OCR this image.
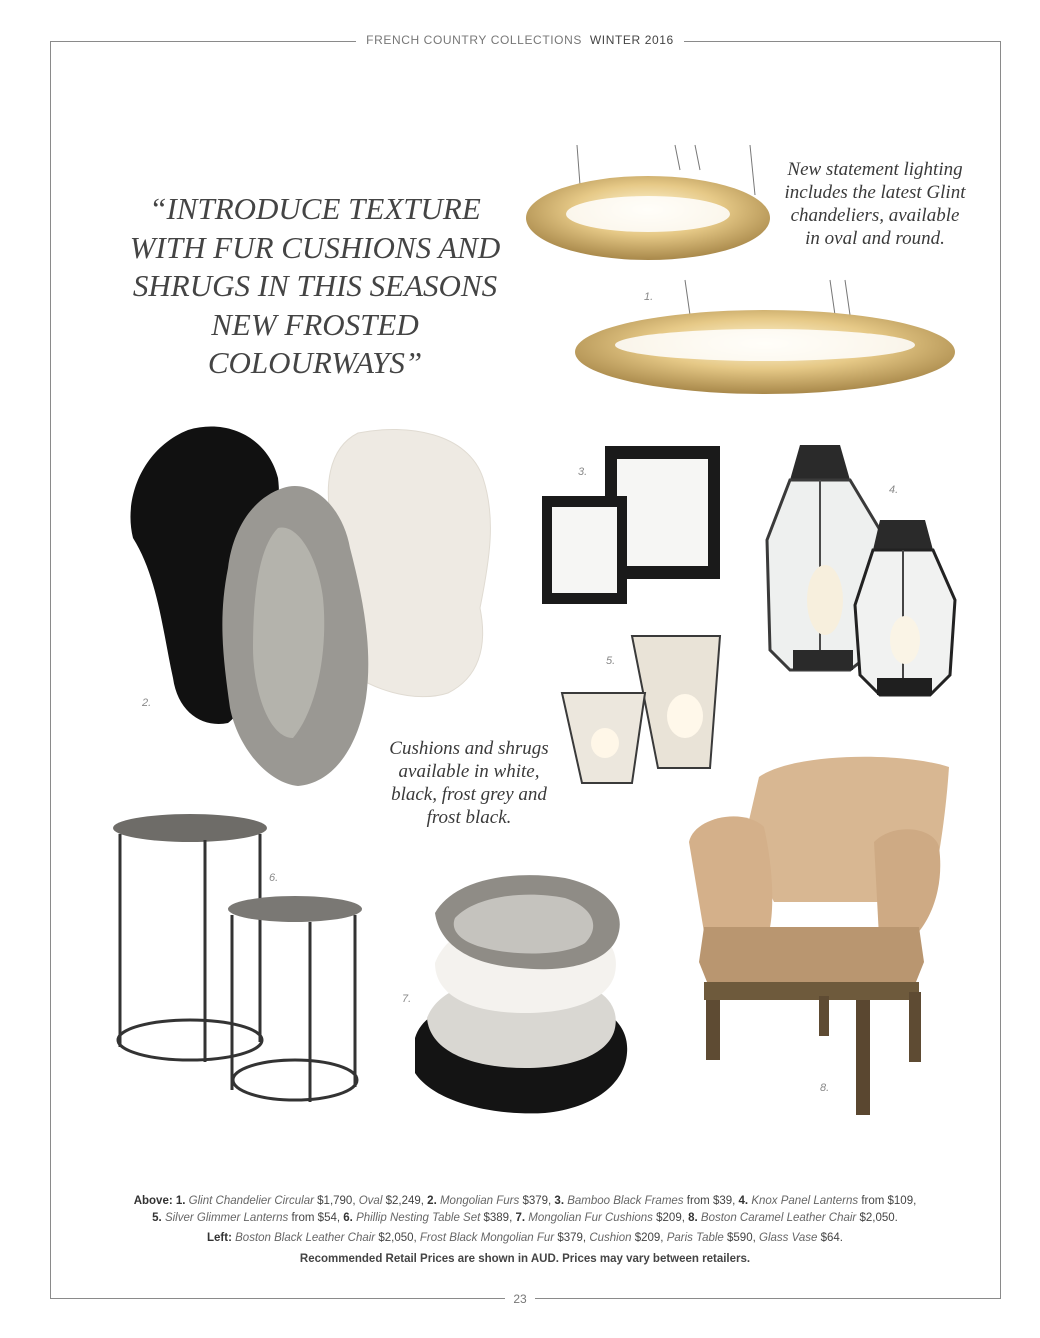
FRENCH COUNTRY COLLECTIONS WINTER 2016
“INTRODUCE TEXTURE WITH FUR CUSHIONS AND SHRUGS IN THIS SEASONS NEW FROSTED COLOURWAYS”
1.
New statement lighting includes the latest Glint chandeliers, available in oval and round.
2.
3.
4.
5.
Cushions and shrugs available in white, black, frost grey and frost black.
6.
7.
8.
Above: 1. Glint Chandelier Circular $1,790, Oval $2,249, 2. Mongolian Furs $379, 3. Bamboo Black Frames from $39, 4. Knox Panel Lanterns from $109,
5. Silver Glimmer Lanterns from $54, 6. Phillip Nesting Table Set $389, 7. Mongolian Fur Cushions $209, 8. Boston Caramel Leather Chair $2,050.
Left: Boston Black Leather Chair $2,050, Frost Black Mongolian Fur $379, Cushion $209, Paris Table $590, Glass Vase $64.
Recommended Retail Prices are shown in AUD. Prices may vary between retailers.
23
